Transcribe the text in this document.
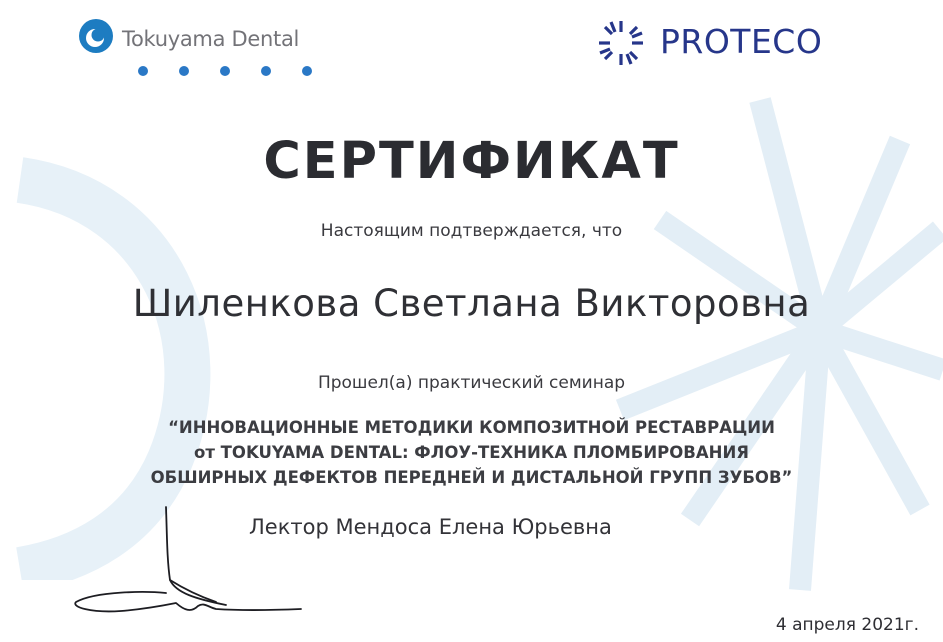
Tokuyama Dental	PROTECO
СЕРТИФИКАТ
Настоящим подтверждается, что
Шиленкова Светлана Викторовна
Прошел(а) практический семинар
“ИННОВАЦИОННЫЕ МЕТОДИКИ КОМПОЗИТНОЙ РЕСТАВРАЦИИ
от TOKUYAMA DENTAL: ФЛОУ-ТЕХНИКА ПЛОМБИРОВАНИЯ
ОБШИРНЫХ ДЕФЕКТОВ ПЕРЕДНЕЙ И ДИСТАЛЬНОЙ ГРУПП ЗУБОВ”
Лектор Мендоса Елена Юрьевна
4 апреля 2021г.
